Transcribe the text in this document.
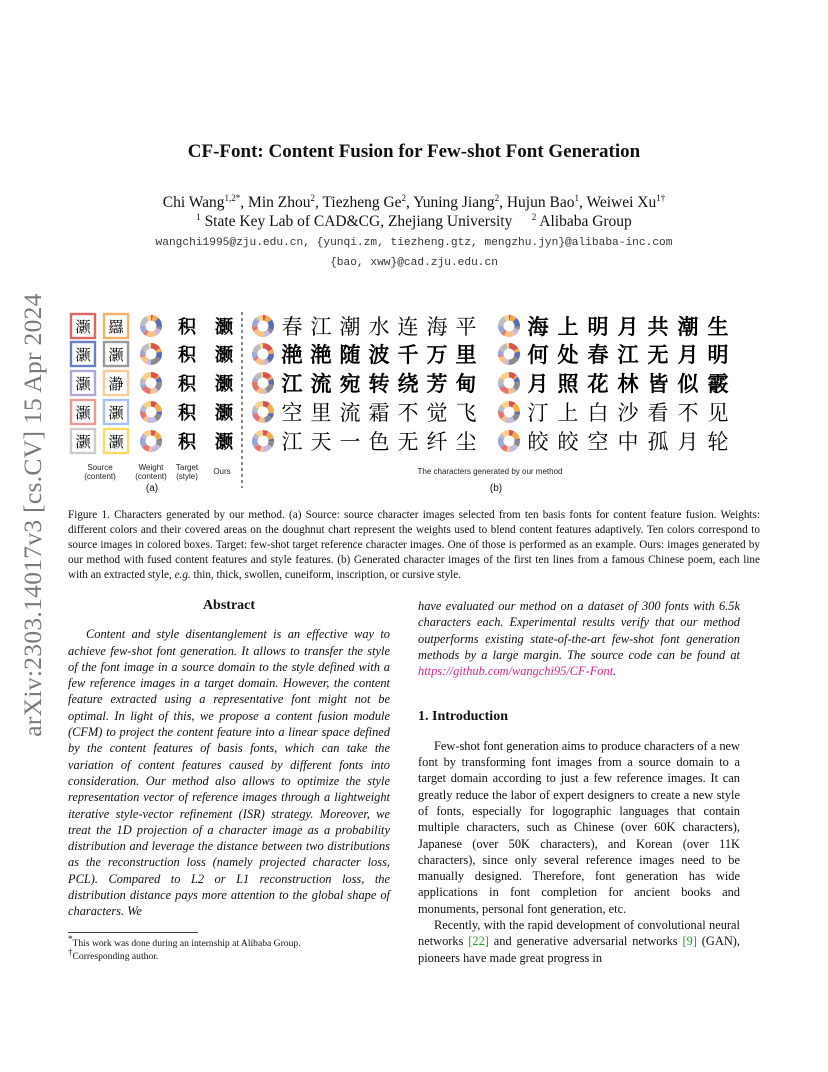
arXiv:2303.14017v3 [cs.CV] 15 Apr 2024
CF-Font: Content Fusion for Few-shot Font Generation
Chi Wang$^{1,2*}$, Min Zhou$^2$, Tiezheng Ge$^2$, Yuning Jiang$^2$, Hujun Bao$^1$, Weiwei $Xu^{1\dagger}$
$^1$ State Key Lab of CAD&CG, Zhejiang University $^2$ Alibaba Group
wangchi1995@zju.edu.cn, {yunqi.zm, tiezheng.gtz, mengzhu.jyn}@alibaba-inc.com
{bao, xww}@cad.zju.edu.cn
灏 羉	积 灏 春 江 潮 水 连 海 平 海 上 明 月 共 潮 生
灏 灏	积 灏 滟 滟 随 波 千 万 里 何 处 春 江 无 月 明
灏 瀞	积 灏 江 流 宛 转 绕 芳 甸 月 照 花 林 皆 似 霰
灏 灏	积 灏 空 里 流 霜 不 觉 飞 汀 上 白 沙 看 不 见
灏 灏	积 灏 江 天 一 色 无 纤 尘 皎 皎 空 中 孤 月 轮
Source
(content)
Weight
(content)
Target
(style)
Ours
(a)
The characters generated by our method
(b)
Figure 1. Characters generated by our method. (a) Source: source character images selected from ten basis fonts for content feature fusion. Weights: different colors and their covered areas on the doughnut chart represent the weights used to blend content features adaptively. Ten colors correspond to source images in colored boxes. Target: few-shot target reference character images. One of those is performed as an example. Ours: images generated by our method with fused content features and style features. (b) Generated character images of the first ten lines from a famous Chinese poem, each line with an extracted style, e.g. thin, thick, swollen, cuneiform, inscription, or cursive style.
Abstract

Content and style disentanglement is an effective way to achieve few-shot font generation. It allows to transfer the style of the font image in a source domain to the style defined with a few reference images in a target domain. However, the content feature extracted using a representative font might not be optimal. In light of this, we propose a content fusion module (CFM) to project the content feature into a linear space defined by the content features of basis fonts, which can take the variation of content features caused by different fonts into consideration. Our method also allows to optimize the style representation vector of reference images through a lightweight iterative style-vector refinement (ISR) strategy. Moreover, we treat the 1D projection of a character image as a probability distribution and leverage the distance between two distributions as the reconstruction loss (namely projected character loss, PCL). Compared to L2 or L1 reconstruction loss, the distribution distance pays more attention to the global shape of characters. We

have evaluated our method on a dataset of 300 fonts with 6.5k characters each. Experimental results verify that our method outperforms existing state-of-the-art few-shot font generation methods by a large margin. The source code can be found at https://github.com/wangchi95/CF-Font.

1. Introduction

Few-shot font generation aims to produce characters of a new font by transforming font images from a source domain to a target domain according to just a few reference images. It can greatly reduce the labor of expert designers to create a new style of fonts, especially for logographic languages that contain multiple characters, such as Chinese (over 60K characters), Japanese (over 50K characters), and Korean (over 11K characters), since only several reference images need to be manually designed. Therefore, font generation has wide applications in font completion for ancient books and monuments, personal font generation, etc.

Recently, with the rapid development of convolutional neural networks [22] and generative adversarial networks [9] (GAN), pioneers have made great progress in

*This work was done during an internship at Alibaba Group.
†Corresponding author.
